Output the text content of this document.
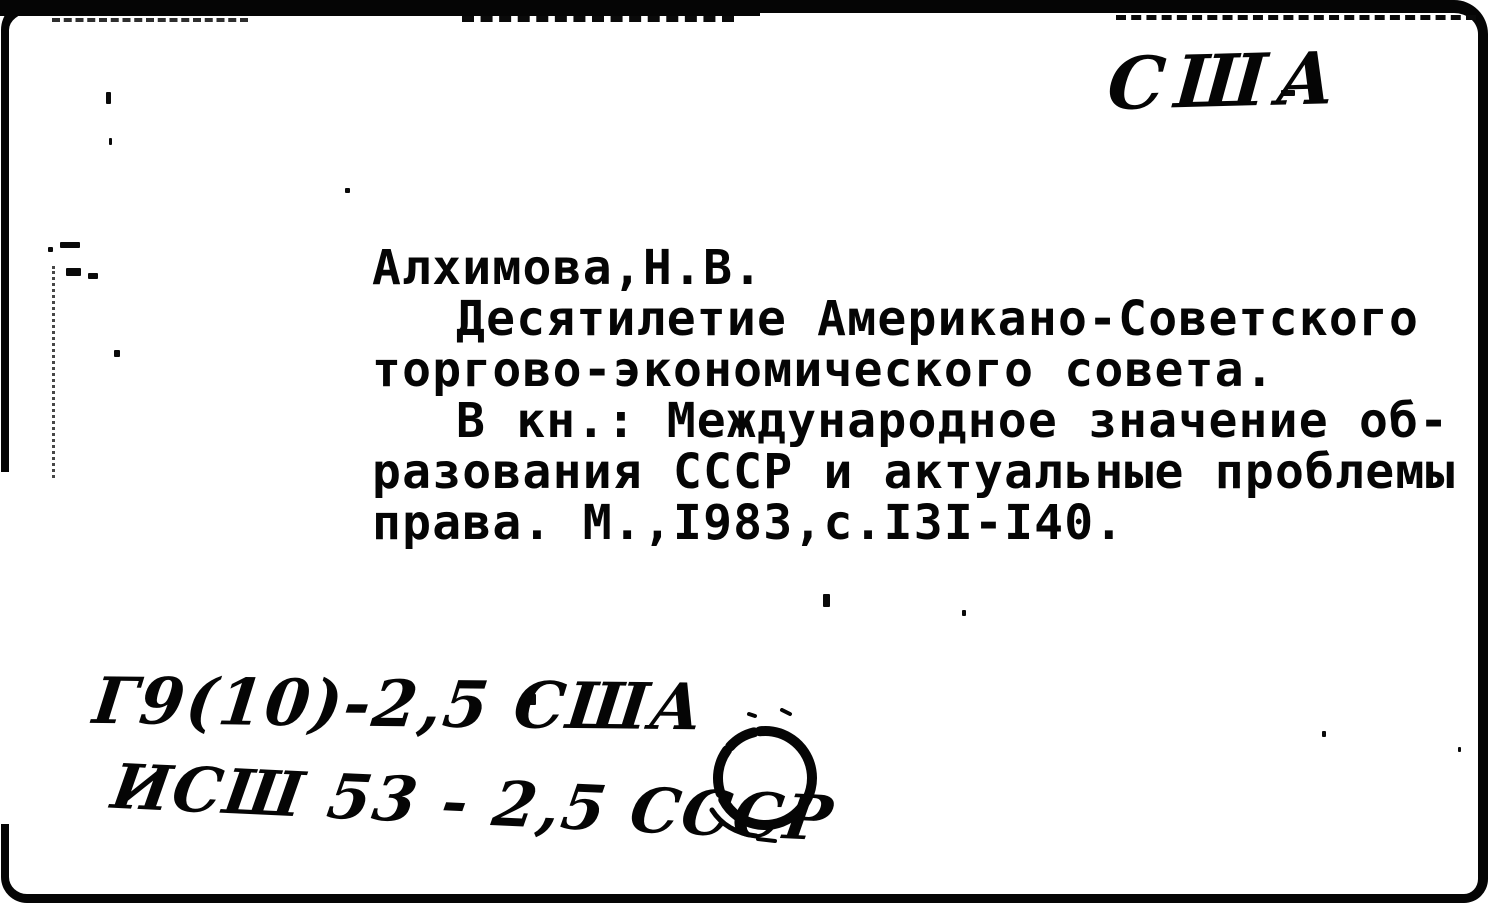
США
Алхимова,Н.В.
Десятилетие Американо-Советского
торгово-экономического совета.
В кн.: Международное значение об-
разования СССР и актуальные проблемы
права. М.,I983,с.I3I-I40.
Г9(10)-2,5 США
ИСШ 53 - 2,5 СССР
